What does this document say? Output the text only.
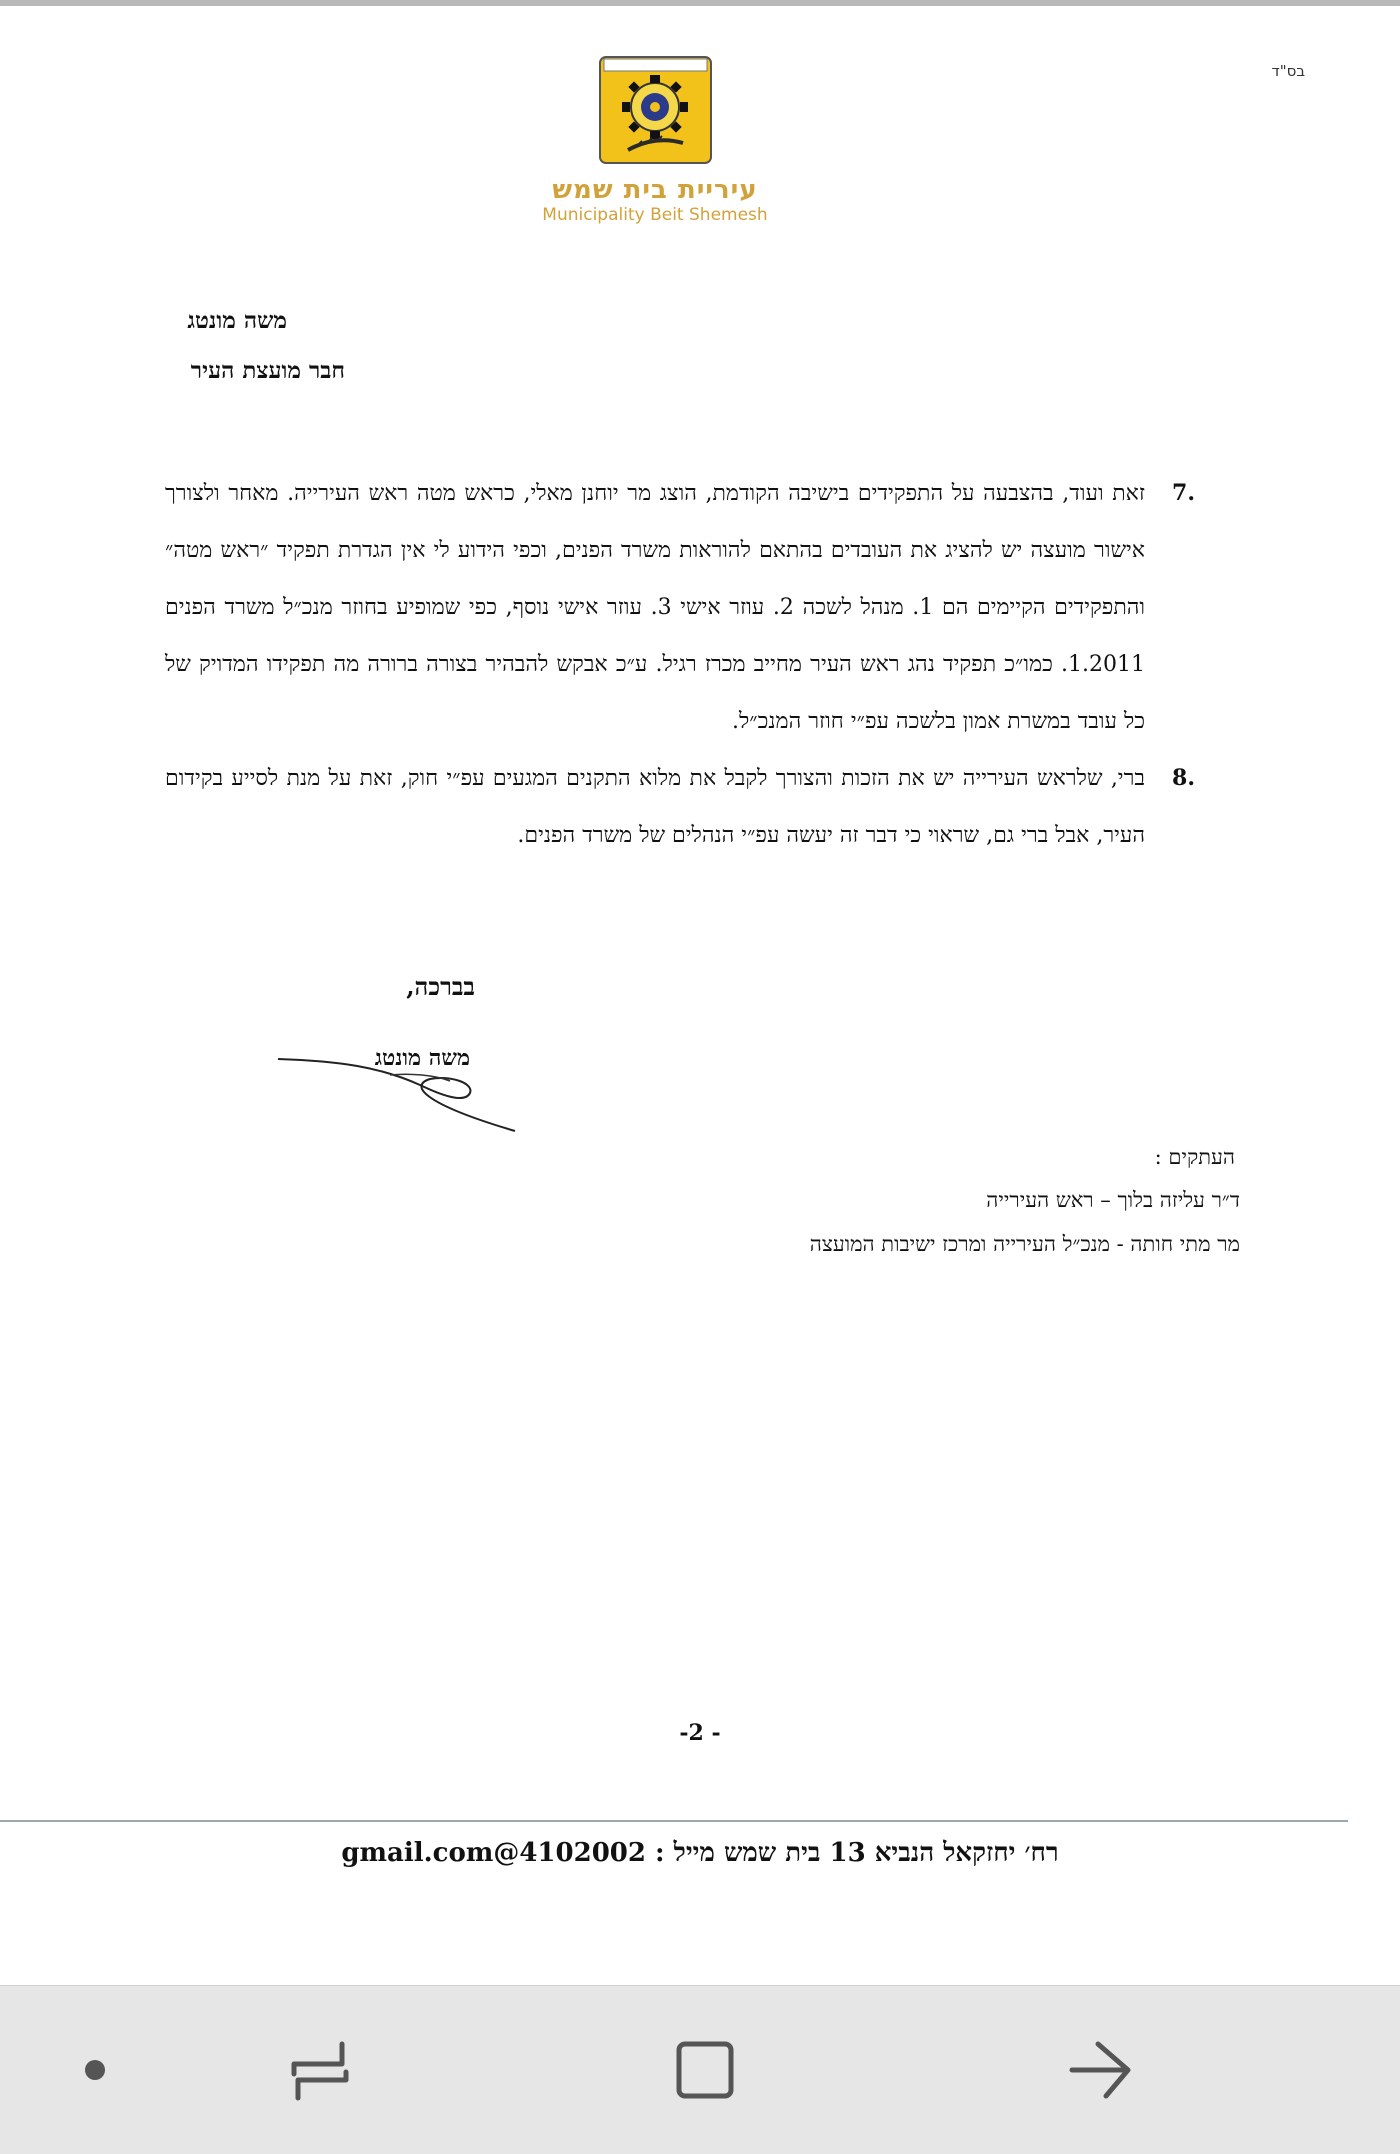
בס"ד
עיריית בית שמש
Municipality Beit Shemesh
משה מונטג
חבר מועצת העיר
.7
זאת ועוד, בהצבעה על התפקידים בישיבה הקודמת, הוצג מר יוחנן מאלי, כראש מטה ראש העירייה. מאחר ולצורך אישור מועצה יש להציג את העובדים בהתאם להוראות משרד הפנים, וכפי הידוע לי אין הגדרת תפקיד ״ראש מטה״ והתפקידים הקיימים הם 1. מנהל לשכה 2. עוזר אישי 3. עוזר אישי נוסף, כפי שמופיע בחוזר מנכ״ל משרד הפנים 1.2011. כמו״כ תפקיד נהג ראש העיר מחייב מכרז רגיל. ע״כ אבקש להבהיר בצורה ברורה מה תפקידו המדויק של כל עובד במשרת אמון בלשכה עפ״י חוזר המנכ״ל.
.8
ברי, שלראש העירייה יש את הזכות והצורך לקבל את מלוא התקנים המגעים עפ״י חוק, זאת על מנת לסייע בקידום העיר, אבל ברי גם, שראוי כי דבר זה יעשה עפ״י הנהלים של משרד הפנים.
בברכה,
משה מונטג
העתקים :
ד״ר עליזה בלוך – ראש העירייה
מר מתי חותה - מנכ״ל העירייה ומרכז ישיבות המועצה
-2 -
רח׳ יחזקאל הנביא 13 בית שמש מייל : gmail.com@4102002
